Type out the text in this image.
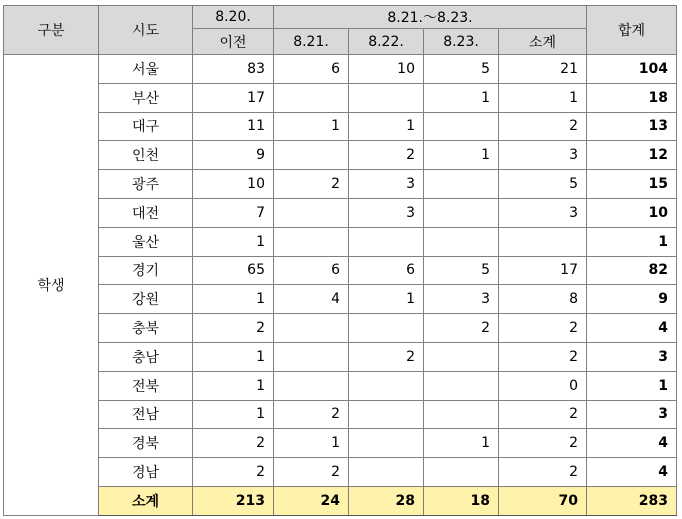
구분	시도	8.20.	8.21.～8.23.				합계
		이전	8.21.	8.22.	8.23.	소계	
학생	서울	83	6	10	5	21	104
	부산	17			1	1	18
	대구	11	1	1		2	13
	인천	9		2	1	3	12
	광주	10	2	3		5	15
	대전	7		3		3	10
	울산	1					1
	경기	65	6	6	5	17	82
	강원	1	4	1	3	8	9
	충북	2			2	2	4
	충남	1		2		2	3
	전북	1				0	1
	전남	1	2			2	3
	경북	2	1		1	2	4
	경남	2	2			2	4
	소계	213	24	28	18	70	283
